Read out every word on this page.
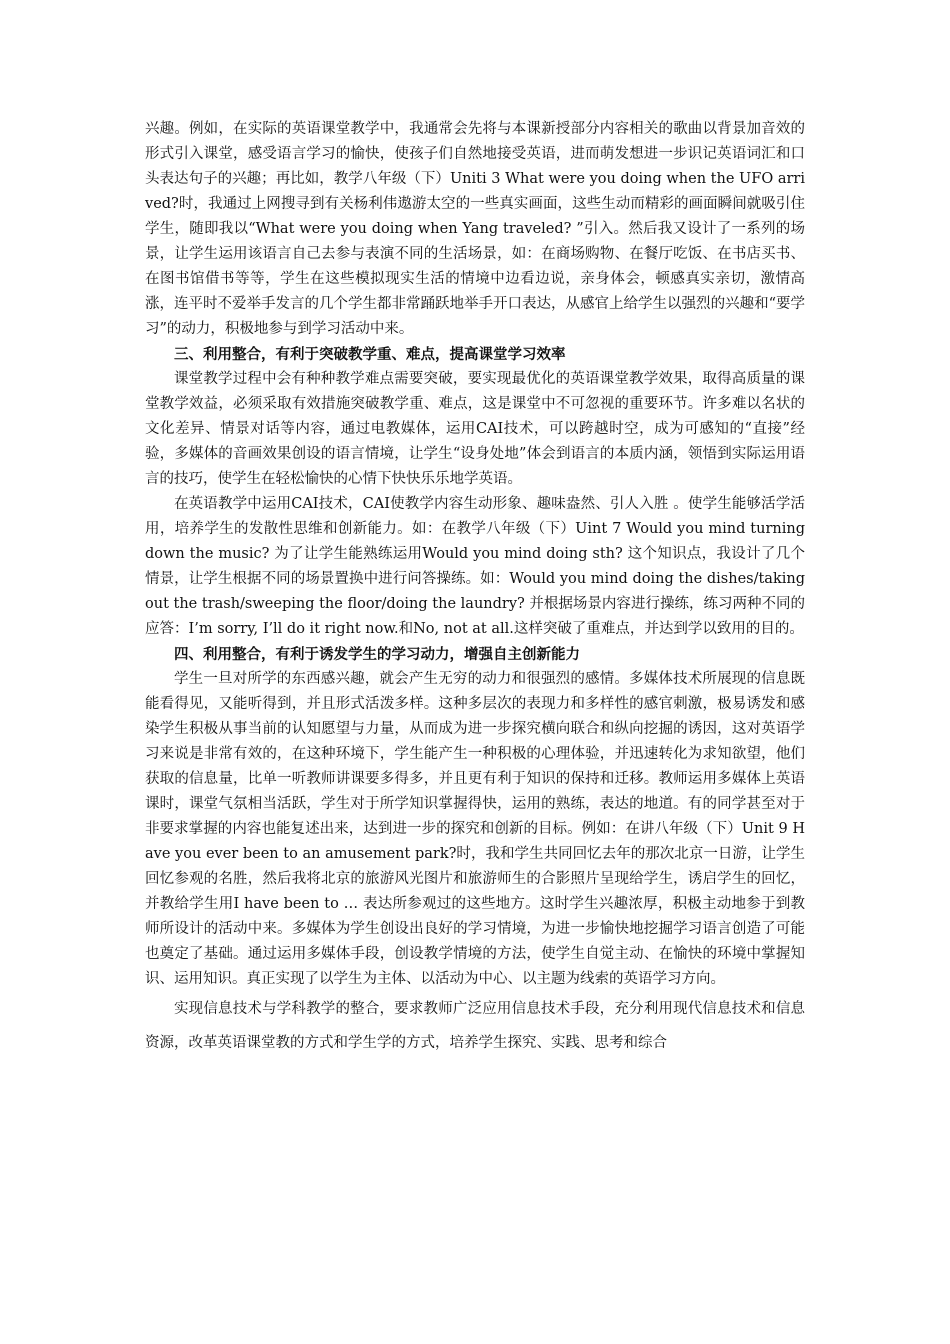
兴趣。例如，在实际的英语课堂教学中，我通常会先将与本课新授部分内容相关的歌曲以背景加音效的形式引入课堂，感受语言学习的愉快，使孩子们自然地接受英语，进而萌发想进一步识记英语词汇和口头表达句子的兴趣；再比如，教学八年级（下）Uniti 3 What were you doing when the UFO arrived?时，我通过上网搜寻到有关杨利伟遨游太空的一些真实画面，这些生动而精彩的画面瞬间就吸引住学生，随即我以“What were you doing when Yang traveled? ”引入。然后我又设计了一系列的场景，让学生运用该语言自己去参与表演不同的生活场景，如：在商场购物、在餐厅吃饭、在书店买书、在图书馆借书等等，学生在这些模拟现实生活的情境中边看边说，亲身体会，顿感真实亲切，激情高涨，连平时不爱举手发言的几个学生都非常踊跃地举手开口表达，从感官上给学生以强烈的兴趣和“要学习”的动力，积极地参与到学习活动中来。

三、利用整合，有利于突破教学重、难点，提高课堂学习效率

课堂教学过程中会有种种教学难点需要突破，要实现最优化的英语课堂教学效果，取得高质量的课堂教学效益，必须采取有效措施突破教学重、难点，这是课堂中不可忽视的重要环节。许多难以名状的文化差异、情景对话等内容，通过电教媒体，运用CAI技术，可以跨越时空，成为可感知的“直接”经验，多媒体的音画效果创设的语言情境，让学生“设身处地”体会到语言的本质内涵，领悟到实际运用语言的技巧，使学生在轻松愉快的心情下快快乐乐地学英语。

在英语教学中运用CAI技术，CAI使教学内容生动形象、趣味盎然、引人入胜 。使学生能够活学活用，培养学生的发散性思维和创新能力。如：在教学八年级（下）Uint 7 Would you mind turning down the music? 为了让学生能熟练运用Would you mind doing sth? 这个知识点，我设计了几个情景，让学生根据不同的场景置换中进行问答操练。如：Would you mind doing the dishes/taking out the trash/sweeping the floor/doing the laundry? 并根据场景内容进行操练，练习两种不同的应答：I’m sorry, I’ll do it right now.和No, not at all.这样突破了重难点，并达到学以致用的目的。

四、利用整合，有利于诱发学生的学习动力，增强自主创新能力

学生一旦对所学的东西感兴趣，就会产生无穷的动力和很强烈的感情。多媒体技术所展现的信息既能看得见，又能听得到，并且形式活泼多样。这种多层次的表现力和多样性的感官刺激，极易诱发和感染学生积极从事当前的认知愿望与力量，从而成为进一步探究横向联合和纵向挖掘的诱因，这对英语学习来说是非常有效的，在这种环境下，学生能产生一种积极的心理体验，并迅速转化为求知欲望，他们获取的信息量，比单一听教师讲课要多得多，并且更有利于知识的保持和迁移。教师运用多媒体上英语课时，课堂气氛相当活跃，学生对于所学知识掌握得快，运用的熟练，表达的地道。有的同学甚至对于非要求掌握的内容也能复述出来，达到进一步的探究和创新的目标。例如：在讲八年级（下）Unit 9 Have you ever been to an amusement park?时，我和学生共同回忆去年的那次北京一日游，让学生回忆参观的名胜，然后我将北京的旅游风光图片和旅游师生的合影照片呈现给学生，诱启学生的回忆，并教给学生用I have been to … 表达所参观过的这些地方。这时学生兴趣浓厚，积极主动地参于到教师所设计的活动中来。多媒体为学生创设出良好的学习情境，为进一步愉快地挖掘学习语言创造了可能也奠定了基础。通过运用多媒体手段，创设教学情境的方法，使学生自觉主动、在愉快的环境中掌握知识、运用知识。真正实现了以学生为主体、以活动为中心、以主题为线索的英语学习方向。

实现信息技术与学科教学的整合，要求教师广泛应用信息技术手段，充分利用现代信息技术和信息资源，改革英语课堂教的方式和学生学的方式，培养学生探究、实践、思考和综合
